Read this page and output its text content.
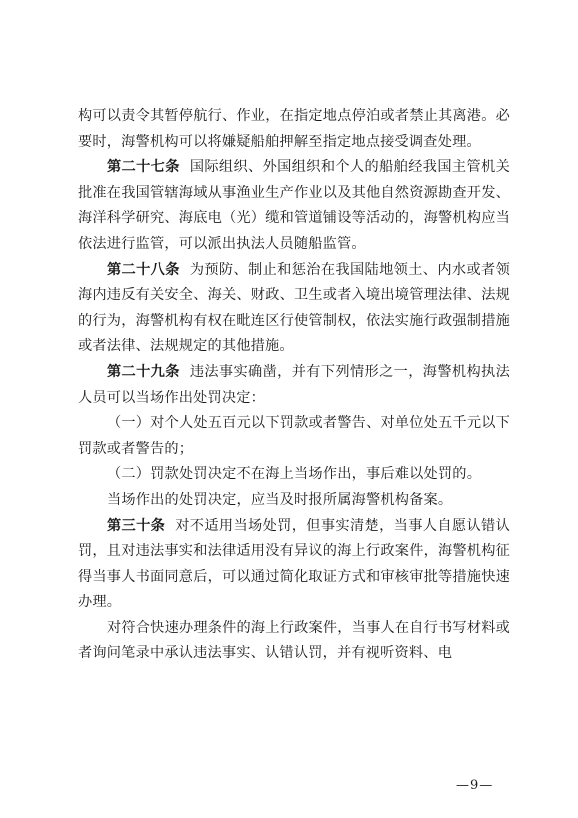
构可以责令其暂停航行、作业，在指定地点停泊或者禁止其离港。必要时，海警机构可以将嫌疑船舶押解至指定地点接受调查处理。

第二十七条 国际组织、外国组织和个人的船舶经我国主管机关批准在我国管辖海域从事渔业生产作业以及其他自然资源勘查开发、海洋科学研究、海底电（光）缆和管道铺设等活动的，海警机构应当依法进行监管，可以派出执法人员随船监管。

第二十八条 为预防、制止和惩治在我国陆地领土、内水或者领海内违反有关安全、海关、财政、卫生或者入境出境管理法律、法规的行为，海警机构有权在毗连区行使管制权，依法实施行政强制措施或者法律、法规规定的其他措施。

第二十九条 违法事实确凿，并有下列情形之一，海警机构执法人员可以当场作出处罚决定：

（一）对个人处五百元以下罚款或者警告、对单位处五千元以下罚款或者警告的；

（二）罚款处罚决定不在海上当场作出，事后难以处罚的。

当场作出的处罚决定，应当及时报所属海警机构备案。

第三十条 对不适用当场处罚，但事实清楚，当事人自愿认错认罚，且对违法事实和法律适用没有异议的海上行政案件，海警机构征得当事人书面同意后，可以通过简化取证方式和审核审批等措施快速办理。

对符合快速办理条件的海上行政案件，当事人在自行书写材料或者询问笔录中承认违法事实、认错认罚，并有视听资料、电

—9—
